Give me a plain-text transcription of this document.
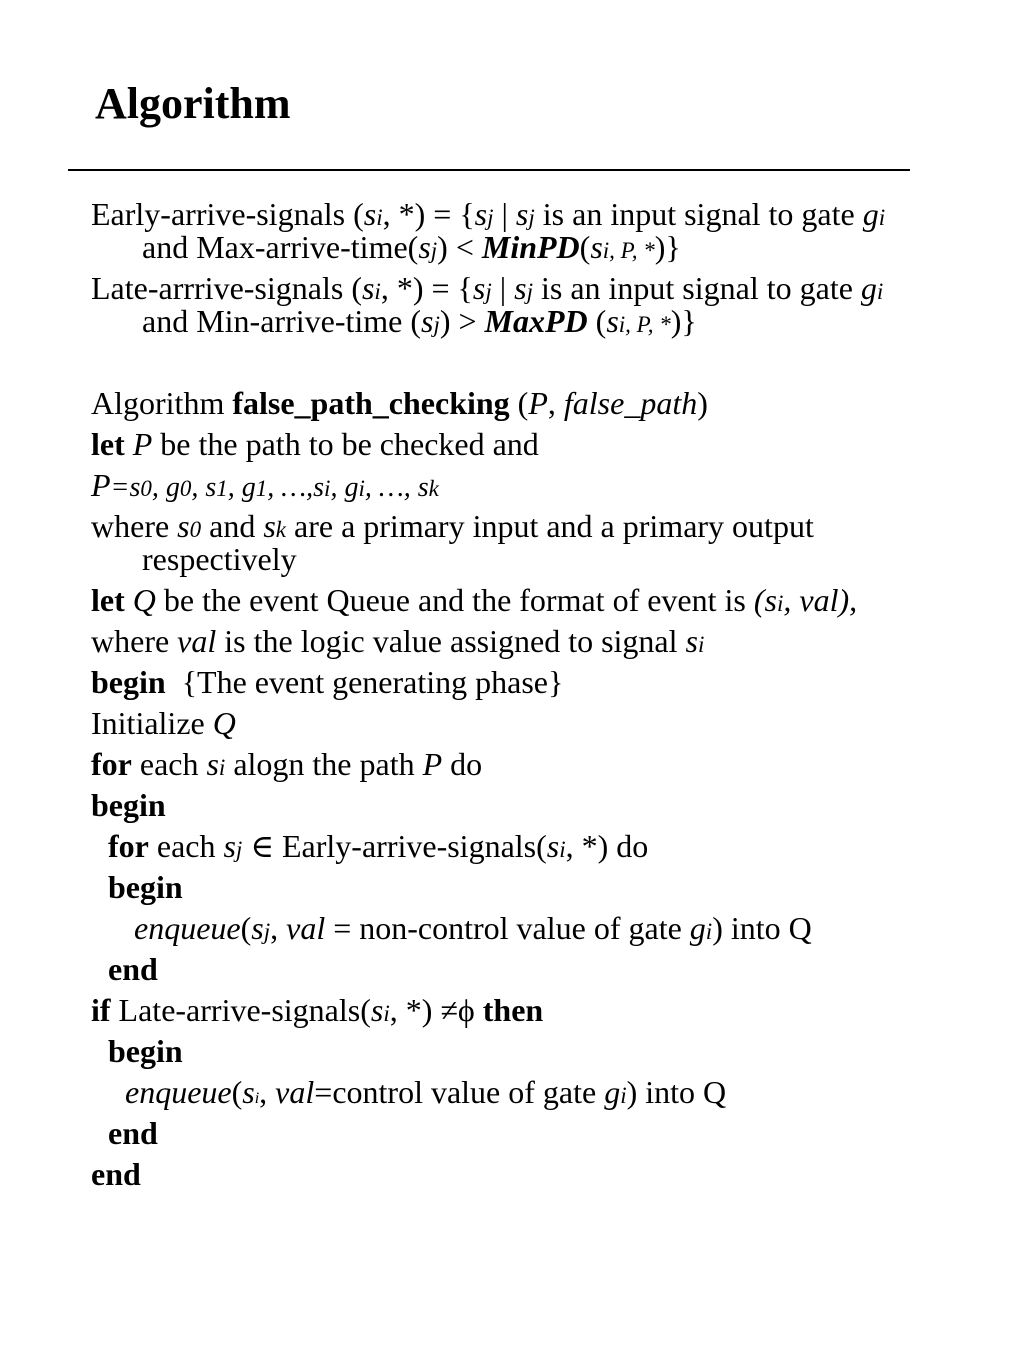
Algorithm
Early-arrive-signals (si, *) = {sj | sj is an input signal to gate gi
and Max-arrive-time(sj) < MinPD(si, P, *)}
Late-arrrive-signals (si, *) = {sj | sj is an input signal to gate gi
and Min-arrive-time (sj) > MaxPD (si, P, *)}
Algorithm false_path_checking (P, false_path)
let P be the path to be checked and
P=s0, g0, s1, g1, …,si, gi, …, sk
where s0 and sk are a primary input and a primary output
respectively
let Q be the event Queue and the format of event is (si, val),
where val is the logic value assigned to signal si
begin  {The event generating phase}
Initialize Q
for each si alogn the path P do
begin
for each sj ∈ Early-arrive-signals(si, *) do
begin
enqueue(sj, val = non-control value of gate gi) into Q
end
if Late-arrive-signals(si, *) ≠ϕ then
begin
enqueue(si, val=control value of gate gi) into Q
end
end
